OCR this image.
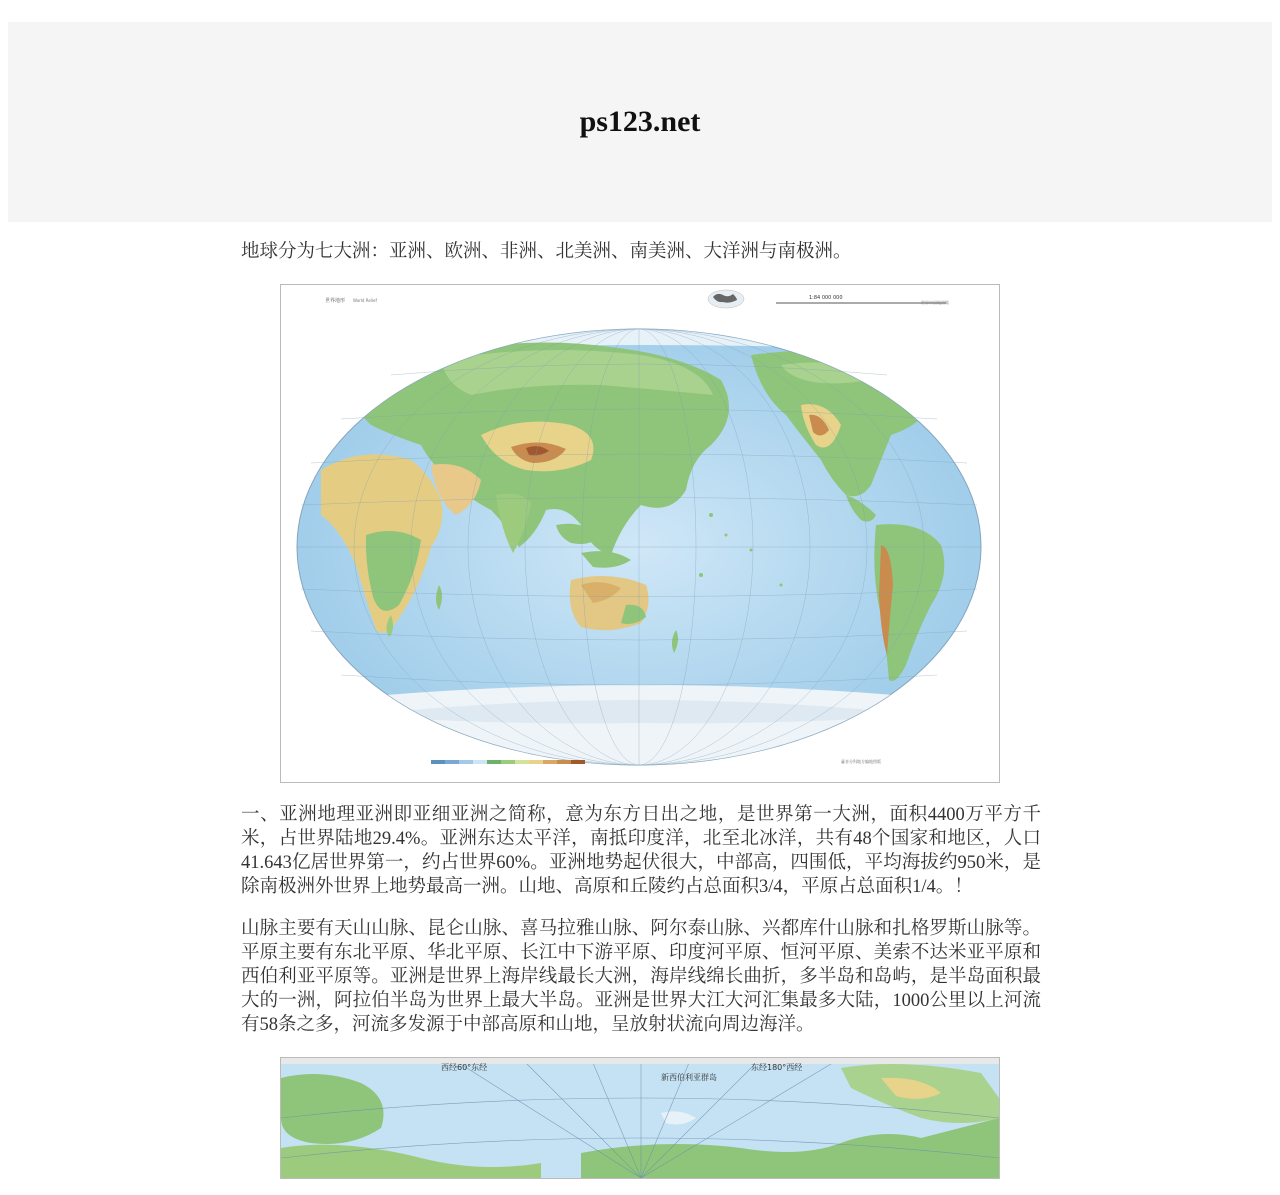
ps123.net

地球分为七大洲：亚洲、欧洲、非洲、北美洲、南美洲、大洋洲与南极洲。

世界地形 World Relief	1:84 000 000
世界中国地图集
審音分科地方编地图版

一、亚洲地理亚洲即亚细亚洲之简称，意为东方日出之地，是世界第一大洲，面积4400万平方千米，占世界陆地29.4%。亚洲东达太平洋，南抵印度洋，北至北冰洋，共有48个国家和地区，人口41.643亿居世界第一，约占世界60%。亚洲地势起伏很大，中部高，四围低，平均海拔约950米，是除南极洲外世界上地势最高一洲。山地、高原和丘陵约占总面积3/4，平原占总面积1/4。！

山脉主要有天山山脉、昆仑山脉、喜马拉雅山脉、阿尔泰山脉、兴都库什山脉和扎格罗斯山脉等。平原主要有东北平原、华北平原、长江中下游平原、印度河平原、恒河平原、美索不达米亚平原和西伯利亚平原等。亚洲是世界上海岸线最长大洲，海岸线绵长曲折，多半岛和岛屿，是半岛面积最大的一洲，阿拉伯半岛为世界上最大半岛。亚洲是世界大江大河汇集最多大陆，1000公里以上河流有58条之多，河流多发源于中部高原和山地，呈放射状流向周边海洋。

西经60°东经
新西伯利亚群岛
东经180°西经
